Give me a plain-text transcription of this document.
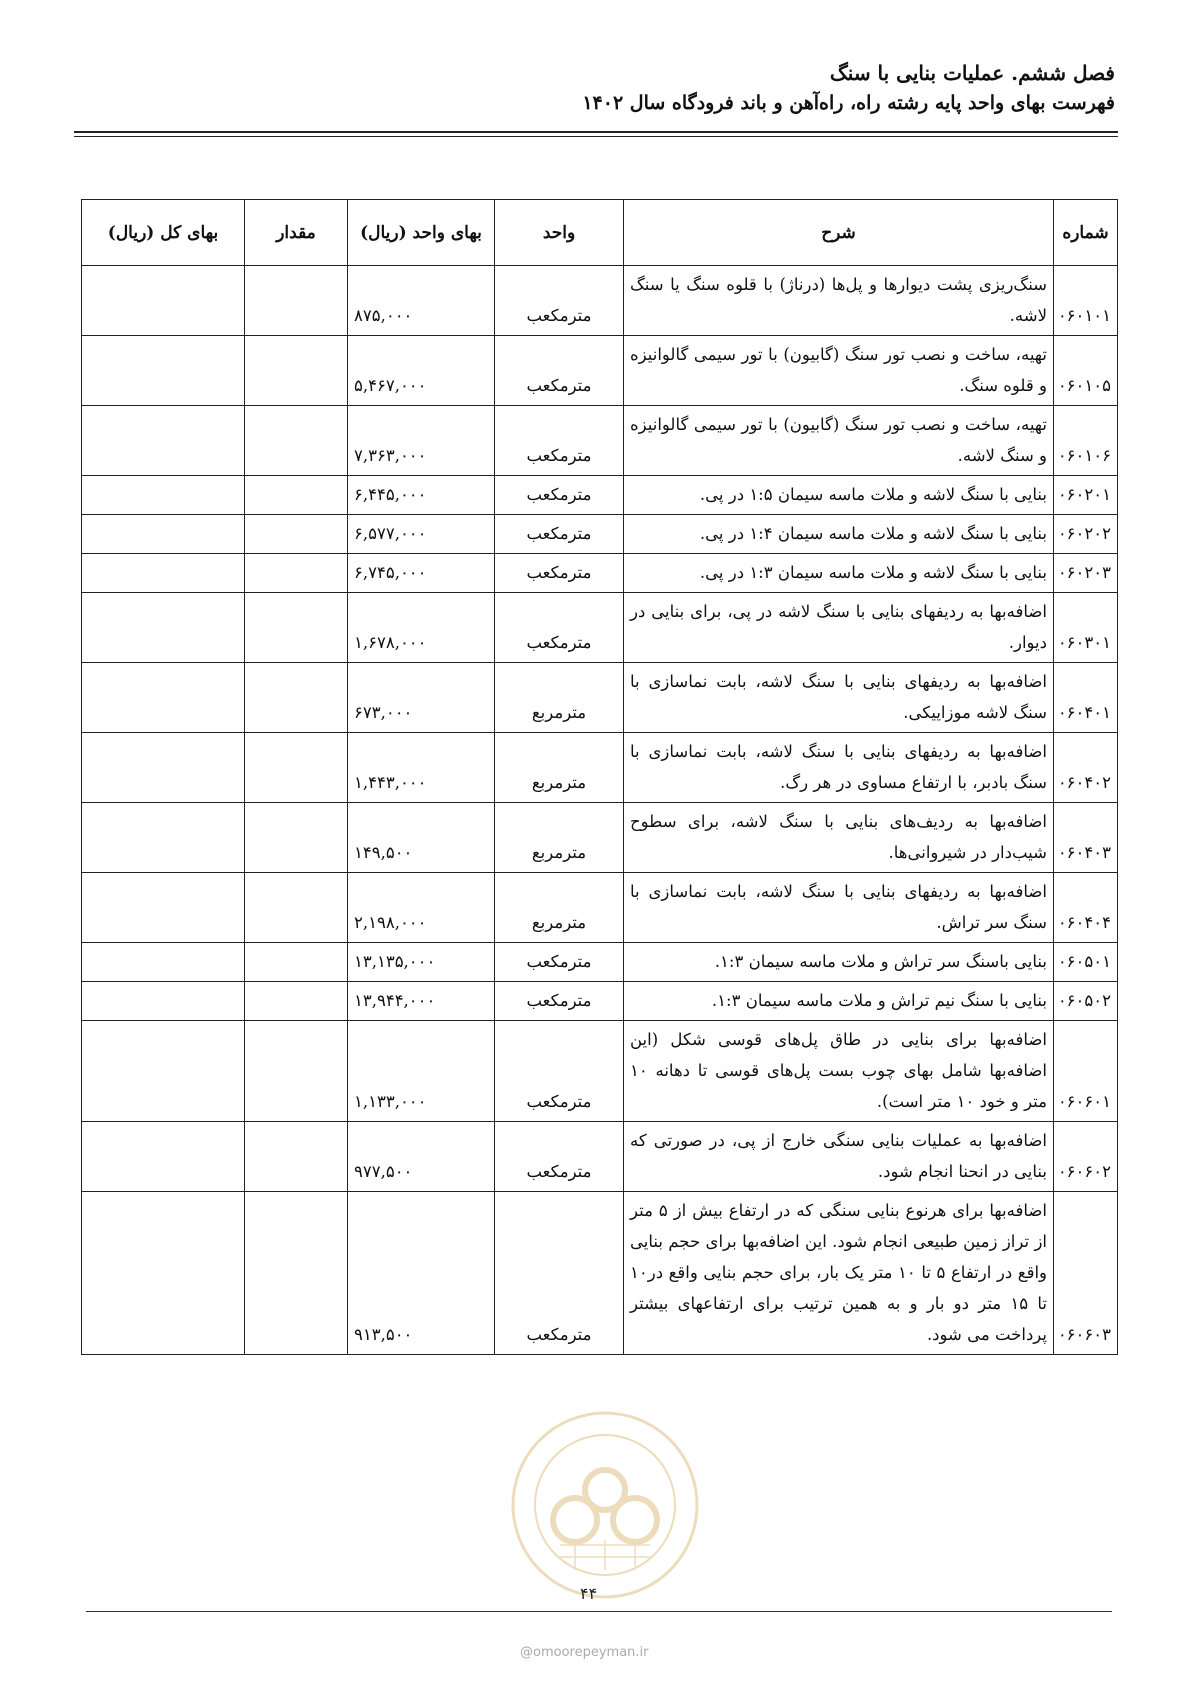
فصل ششم. عملیات بنایی با سنگ
فهرست بهای واحد پایه رشته راه، راه‌آهن و باند فرودگاه سال ۱۴۰۲
شماره	شرح	واحد	بهای واحد (ریال)	مقدار	بهای کل (ریال)
۰۶۰۱۰۱	سنگ‌ریزی پشت دیوارها و پل‌ها (درناژ) با قلوه سنگ یا سنگ لاشه.	مترمکعب	۸۷۵,۰۰۰		
۰۶۰۱۰۵	تهیه، ساخت و نصب تور سنگ (گابیون) با تور سیمی گالوانیزه و قلوه سنگ.	مترمکعب	۵,۴۶۷,۰۰۰		
۰۶۰۱۰۶	تهیه، ساخت و نصب تور سنگ (گابیون) با تور سیمی گالوانیزه و سنگ لاشه.	مترمکعب	۷,۳۶۳,۰۰۰		
۰۶۰۲۰۱	بنایی با سنگ لاشه و ملات ماسه سیمان ۱:۵ در پی.	مترمکعب	۶,۴۴۵,۰۰۰		
۰۶۰۲۰۲	بنایی با سنگ لاشه و ملات ماسه سیمان ۱:۴ در پی.	مترمکعب	۶,۵۷۷,۰۰۰		
۰۶۰۲۰۳	بنایی با سنگ لاشه و ملات ماسه سیمان ۱:۳ در پی.	مترمکعب	۶,۷۴۵,۰۰۰		
۰۶۰۳۰۱	اضافه‌بها به ردیفهای بنایی با سنگ لاشه در پی، برای بنایی در دیوار.	مترمکعب	۱,۶۷۸,۰۰۰		
۰۶۰۴۰۱	اضافه‌بها به ردیفهای بنایی با سنگ لاشه، بابت نماسازی با سنگ لاشه موزاییکی.	مترمربع	۶۷۳,۰۰۰		
۰۶۰۴۰۲	اضافه‌بها به ردیفهای بنایی با سنگ لاشه، بابت نماسازی با سنگ بادبر، با ارتفاع مساوی در هر رگ.	مترمربع	۱,۴۴۳,۰۰۰		
۰۶۰۴۰۳	اضافه‌بها به ردیف‌های بنایی با سنگ لاشه، برای سطوح شیب‌دار در شیروانی‌ها.	مترمربع	۱۴۹,۵۰۰		
۰۶۰۴۰۴	اضافه‌بها به ردیفهای بنایی با سنگ لاشه، بابت نماسازی با سنگ سر تراش.	مترمربع	۲,۱۹۸,۰۰۰		
۰۶۰۵۰۱	بنایی باسنگ سر تراش و ملات ماسه سیمان ۱:۳.	مترمکعب	۱۳,۱۳۵,۰۰۰		
۰۶۰۵۰۲	بنایی با سنگ نیم تراش و ملات ماسه سیمان ۱:۳.	مترمکعب	۱۳,۹۴۴,۰۰۰		
۰۶۰۶۰۱	اضافه‌بها برای بنایی در طاق پل‌های قوسی شکل (این اضافه‌بها شامل بهای چوب بست پل‌های قوسی تا دهانه ۱۰ متر و خود ۱۰ متر است).	مترمکعب	۱,۱۳۳,۰۰۰		
۰۶۰۶۰۲	اضافه‌بها به عملیات بنایی سنگی خارج از پی، در صورتی که بنایی در انحنا انجام شود.	مترمکعب	۹۷۷,۵۰۰		
۰۶۰۶۰۳	اضافه‌بها برای هرنوع بنایی سنگی که در ارتفاع بیش از ۵ متر از تراز زمین طبیعی انجام شود. این اضافه‌بها برای حجم بنایی واقع در ارتفاع ۵ تا ۱۰ متر یک بار، برای حجم بنایی واقع در۱۰ تا ۱۵ متر دو بار و به همین ترتیب برای ارتفاعهای بیشتر پرداخت می شود.	مترمکعب	۹۱۳,۵۰۰		
۴۴
@omoorepeyman.ir
